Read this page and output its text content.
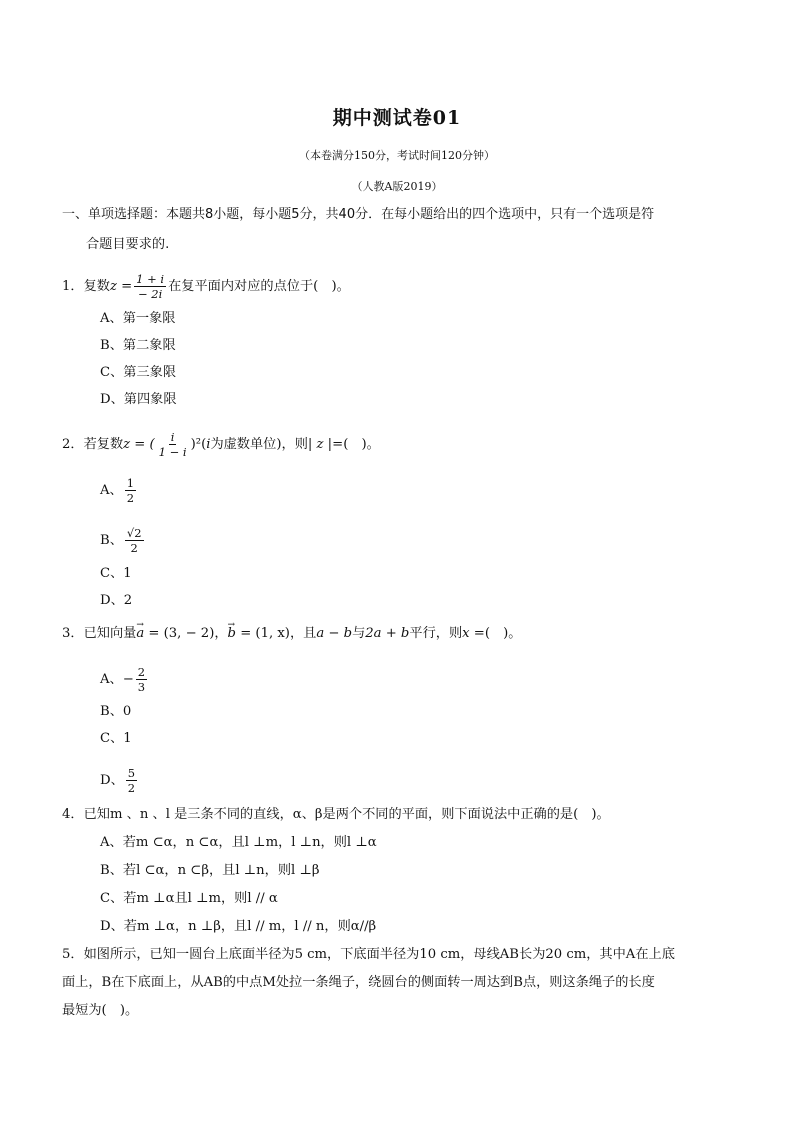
期中测试卷01
（本卷满分150分，考试时间120分钟）
（人教A版2019）
一、单项选择题：本题共8小题，每小题5分，共40分．在每小题给出的四个选项中，只有一个选项是符
合题目要求的.
1．复数$z = \frac{1 + i}{- 2i}$ 在复平面内对应的点位于(　)。
A、第一象限
B、第二象限
C、第三象限
D、第四象限
2．若复数z = ( $\frac{i}{1 - i} )^2(i$为虚数单位)，则| z |=(　)。
A、 $\frac{1}{2}$
B、 $\frac{√2}{2}$
C、1
D、2
3．已知向量→ a = (3, − 2)，→ b = (1, x)，且a − b与2a + b平行，则x =(　)。
A、− $\frac{2}{3}$
B、0
C、1
D、 $\frac{5}{2}$
4．已知m 、n 、l 是三条不同的直线，α、β是两个不同的平面，则下面说法中正确的是(　)。
A、若m ⊂α，n ⊂α，且l ⊥m，l ⊥n，则l ⊥α
B、若l ⊂α，n ⊂β，且l ⊥n，则l ⊥β
C、若m ⊥α且l ⊥m，则l // α
D、若m ⊥α，n ⊥β，且l // m，l // n，则α//β
5．如图所示，已知一圆台上底面半径为5 cm，下底面半径为10 cm，母线AB长为20 cm，其中A在上底
面上，B在下底面上，从AB的中点M处拉一条绳子，绕圆台的侧面转一周达到B点，则这条绳子的长度
最短为(　)。
